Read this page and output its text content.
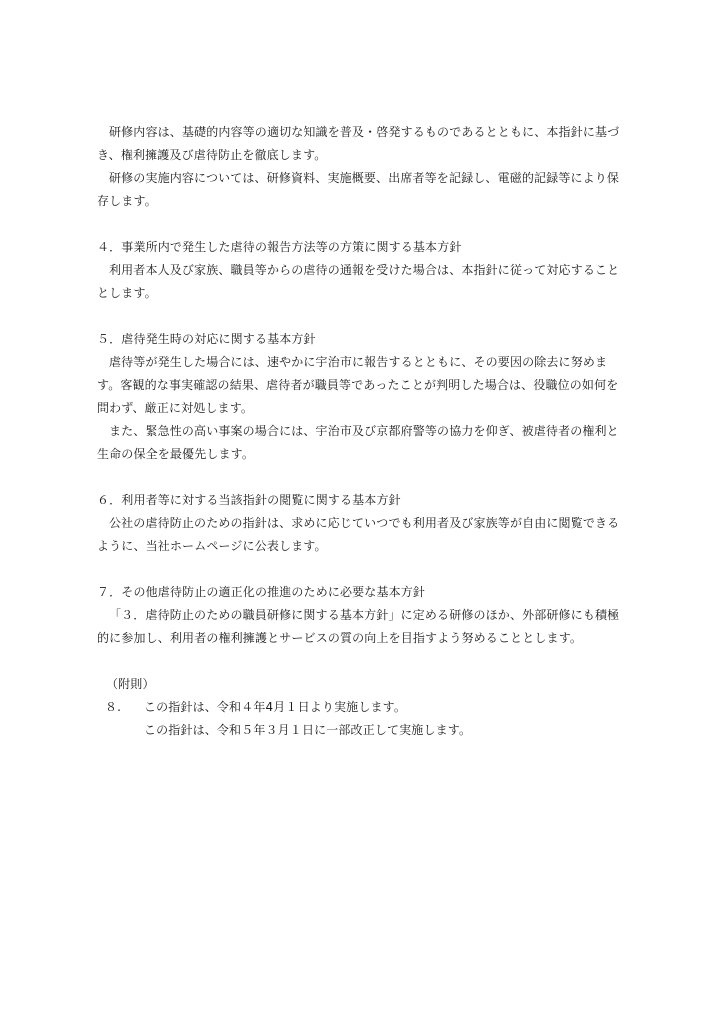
研修内容は、基礎的内容等の適切な知識を普及・啓発するものであるとともに、本指針に基づき、権利擁護及び虐待防止を徹底します。

研修の実施内容については、研修資料、実施概要、出席者等を記録し、電磁的記録等により保存します。

４．事業所内で発生した虐待の報告方法等の方策に関する基本方針

利用者本人及び家族、職員等からの虐待の通報を受けた場合は、本指針に従って対応することとします。

５．虐待発生時の対応に関する基本方針

虐待等が発生した場合には、速やかに宇治市に報告するとともに、その要因の除去に努めます。客観的な事実確認の結果、虐待者が職員等であったことが判明した場合は、役職位の如何を問わず、厳正に対処します。

また、緊急性の高い事案の場合には、宇治市及び京都府警等の協力を仰ぎ、被虐待者の権利と生命の保全を最優先します。

６．利用者等に対する当該指針の閲覧に関する基本方針

公社の虐待防止のための指針は、求めに応じていつでも利用者及び家族等が自由に閲覧できるように、当社ホームページに公表します。

７．その他虐待防止の適正化の推進のために必要な基本方針

「３．虐待防止のための職員研修に関する基本方針」に定める研修のほか、外部研修にも積極的に参加し、利用者の権利擁護とサービスの質の向上を目指すよう努めることとします。

（附則）

８. この指針は、令和４年4月１日より実施します。

この指針は、令和５年３月１日に一部改正して実施します。
